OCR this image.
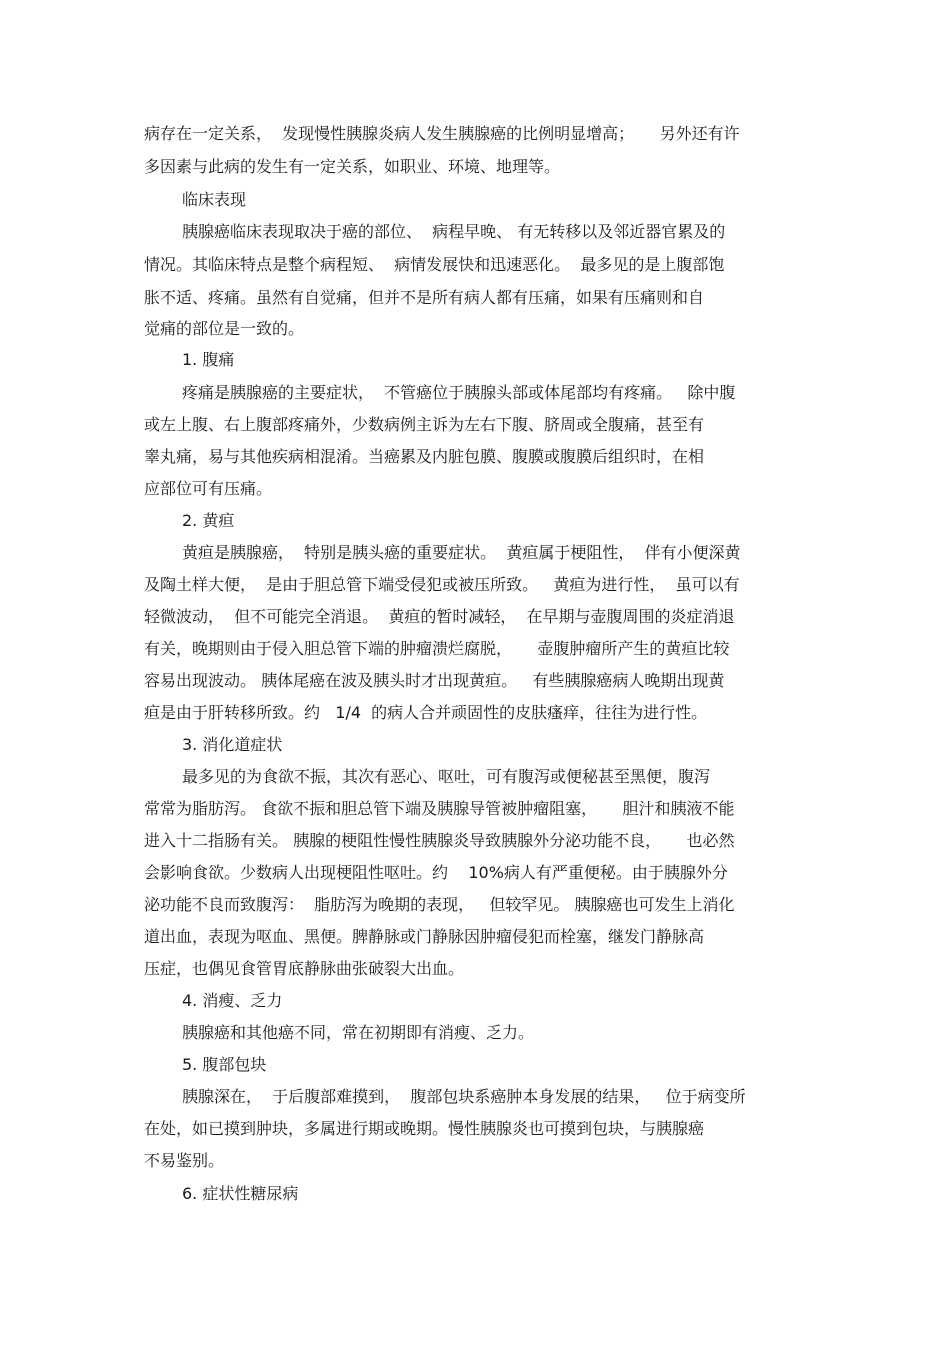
病存在一定关系，  发现慢性胰腺炎病人发生胰腺癌的比例明显增高；     另外还有许

多因素与此病的发生有一定关系，如职业、环境、地理等。

临床表现

胰腺癌临床表现取决于癌的部位、  病程早晚、 有无转移以及邻近器官累及的

情况。其临床特点是整个病程短、  病情发展快和迅速恶化。  最多见的是上腹部饱

胀不适、疼痛。虽然有自觉痛，但并不是所有病人都有压痛，如果有压痛则和自

觉痛的部位是一致的。

1. 腹痛

疼痛是胰腺癌的主要症状，  不管癌位于胰腺头部或体尾部均有疼痛。   除中腹

或左上腹、右上腹部疼痛外，少数病例主诉为左右下腹、脐周或全腹痛，甚至有

睾丸痛，易与其他疾病相混淆。当癌累及内脏包膜、腹膜或腹膜后组织时，在相

应部位可有压痛。

2. 黄疸

黄疸是胰腺癌，  特别是胰头癌的重要症状。  黄疸属于梗阻性，  伴有小便深黄

及陶土样大便，  是由于胆总管下端受侵犯或被压所致。   黄疸为进行性，  虽可以有

轻微波动，  但不可能完全消退。  黄疸的暂时减轻，  在早期与壶腹周围的炎症消退

有关，晚期则由于侵入胆总管下端的肿瘤溃烂腐脱，     壶腹肿瘤所产生的黄疸比较

容易出现波动。 胰体尾癌在波及胰头时才出现黄疸。   有些胰腺癌病人晚期出现黄

疸是由于肝转移所致。约   1/4  的病人合并顽固性的皮肤瘙痒，往往为进行性。

3. 消化道症状

最多见的为食欲不振，其次有恶心、呕吐，可有腹泻或便秘甚至黑便，腹泻

常常为脂肪泻。 食欲不振和胆总管下端及胰腺导管被肿瘤阻塞，     胆汁和胰液不能

进入十二指肠有关。 胰腺的梗阻性慢性胰腺炎导致胰腺外分泌功能不良，     也必然

会影响食欲。少数病人出现梗阻性呕吐。约    10%病人有严重便秘。由于胰腺外分

泌功能不良而致腹泻：  脂肪泻为晚期的表现，   但较罕见。 胰腺癌也可发生上消化

道出血，表现为呕血、黑便。脾静脉或门静脉因肿瘤侵犯而栓塞，继发门静脉高

压症，也偶见食管胃底静脉曲张破裂大出血。

4. 消瘦、乏力

胰腺癌和其他癌不同，常在初期即有消瘦、乏力。

5. 腹部包块

胰腺深在，  于后腹部难摸到，  腹部包块系癌肿本身发展的结果，   位于病变所

在处，如已摸到肿块，多属进行期或晚期。慢性胰腺炎也可摸到包块，与胰腺癌

不易鉴别。

6. 症状性糖尿病
